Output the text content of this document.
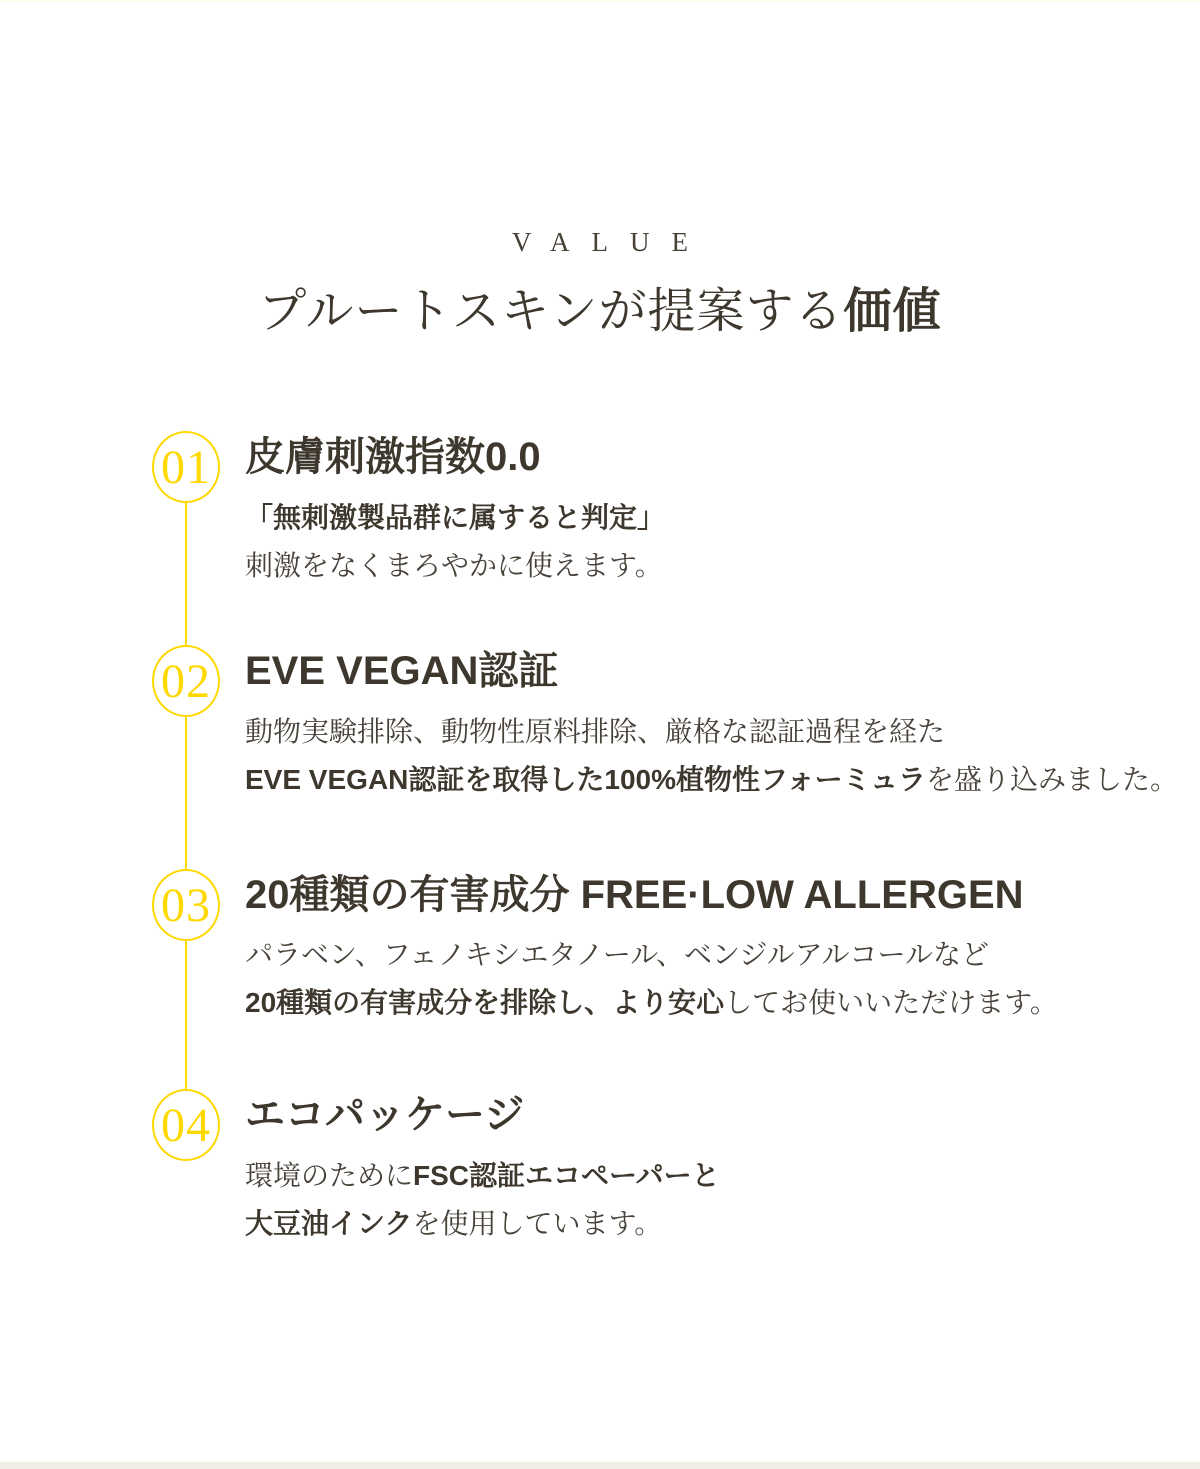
VALUE
プルートスキンが提案する価値
01 皮膚刺激指数0.0

「無刺激製品群に属すると判定」

刺激をなくまろやかに使えます。

02 EVE VEGAN認証

動物実験排除、動物性原料排除、厳格な認証過程を経た

EVE VEGAN認証を取得した100%植物性フォーミュラを盛り込みました。

03 20種類の有害成分 FREE·LOW ALLERGEN

パラベン、フェノキシエタノール、ベンジルアルコールなど

20種類の有害成分を排除し、より安心してお使いいただけます。

04 エコパッケージ

環境のためにFSC認証エコペーパーと

大豆油インクを使用しています。
